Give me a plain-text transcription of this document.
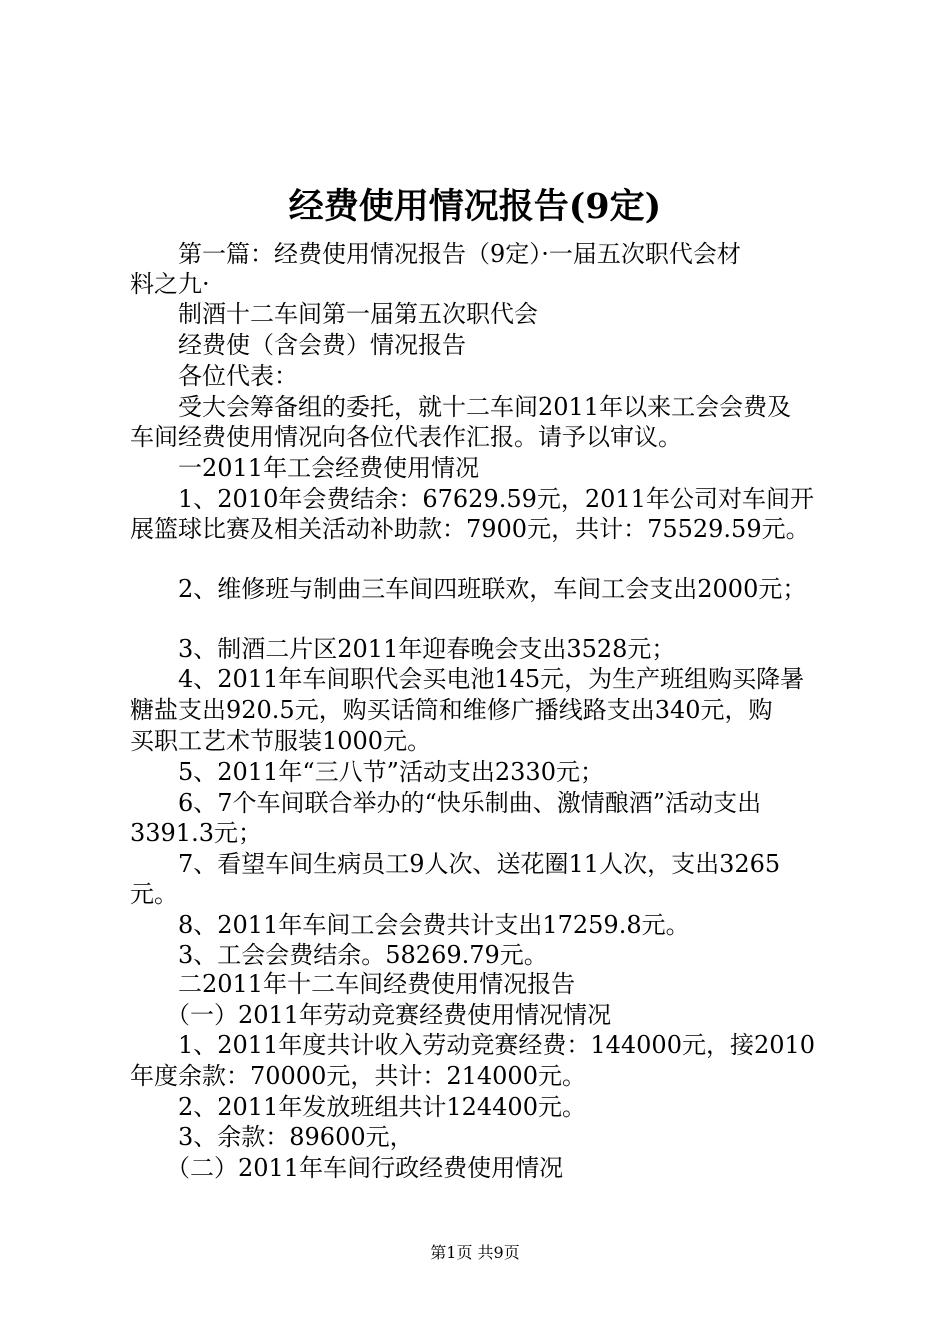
经费使用情况报告(9定)

　　第一篇：经费使用情况报告（9定）·一届五次职代会材

料之九·

　　制酒十二车间第一届第五次职代会

　　经费使（含会费）情况报告

　　各位代表：

　　受大会筹备组的委托，就十二车间2011年以来工会会费及

车间经费使用情况向各位代表作汇报。请予以审议。

　　一2011年工会经费使用情况

　　1、2010年会费结余：67629.59元，2011年公司对车间开

展篮球比赛及相关活动补助款：7900元，共计：75529.59元。

　　2、维修班与制曲三车间四班联欢，车间工会支出2000元；

　　3、制酒二片区2011年迎春晚会支出3528元；

　　4、2011年车间职代会买电池145元，为生产班组购买降暑

糖盐支出920.5元，购买话筒和维修广播线路支出340元，购

买职工艺术节服装1000元。

　　5、2011年“三八节”活动支出2330元；

　　6、7个车间联合举办的“快乐制曲、激情酿酒”活动支出

3391.3元；

　　7、看望车间生病员工9人次、送花圈11人次，支出3265

元。

　　8、2011年车间工会会费共计支出17259.8元。

　　3、工会会费结余。58269.79元。

　　二2011年十二车间经费使用情况报告

　　（一）2011年劳动竞赛经费使用情况情况

　　1、2011年度共计收入劳动竞赛经费：144000元，接2010

年度余款：70000元，共计：214000元。

　　2、2011年发放班组共计124400元。

　　3、余款：89600元，

　　（二）2011年车间行政经费使用情况

第1页 共9页
